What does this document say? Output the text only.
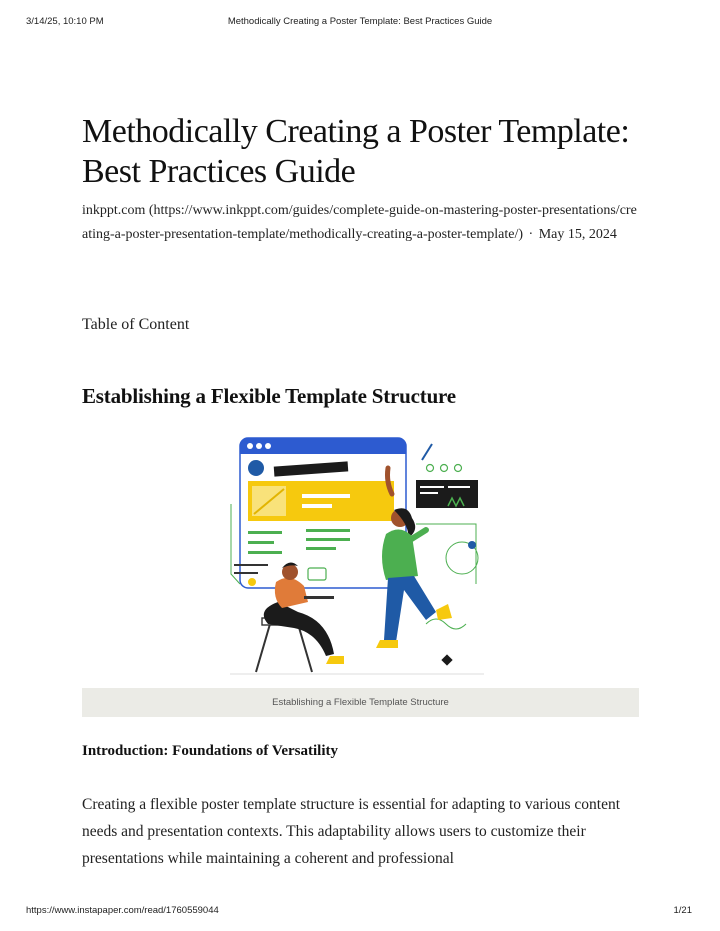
3/14/25, 10:10 PM	Methodically Creating a Poster Template: Best Practices Guide
Methodically Creating a Poster Template: Best Practices Guide
inkppt.com (https://www.inkppt.com/guides/complete-guide-on-mastering-poster-presentations/creating-a-poster-presentation-template/methodically-creating-a-poster-template/) · May 15, 2024
Table of Content
Establishing a Flexible Template Structure
Establishing a Flexible Template Structure
Introduction: Foundations of Versatility

Creating a flexible poster template structure is essential for adapting to various content needs and presentation contexts. This adaptability allows users to customize their presentations while maintaining a coherent and professional

https://www.instapaper.com/read/1760559044	1/21
